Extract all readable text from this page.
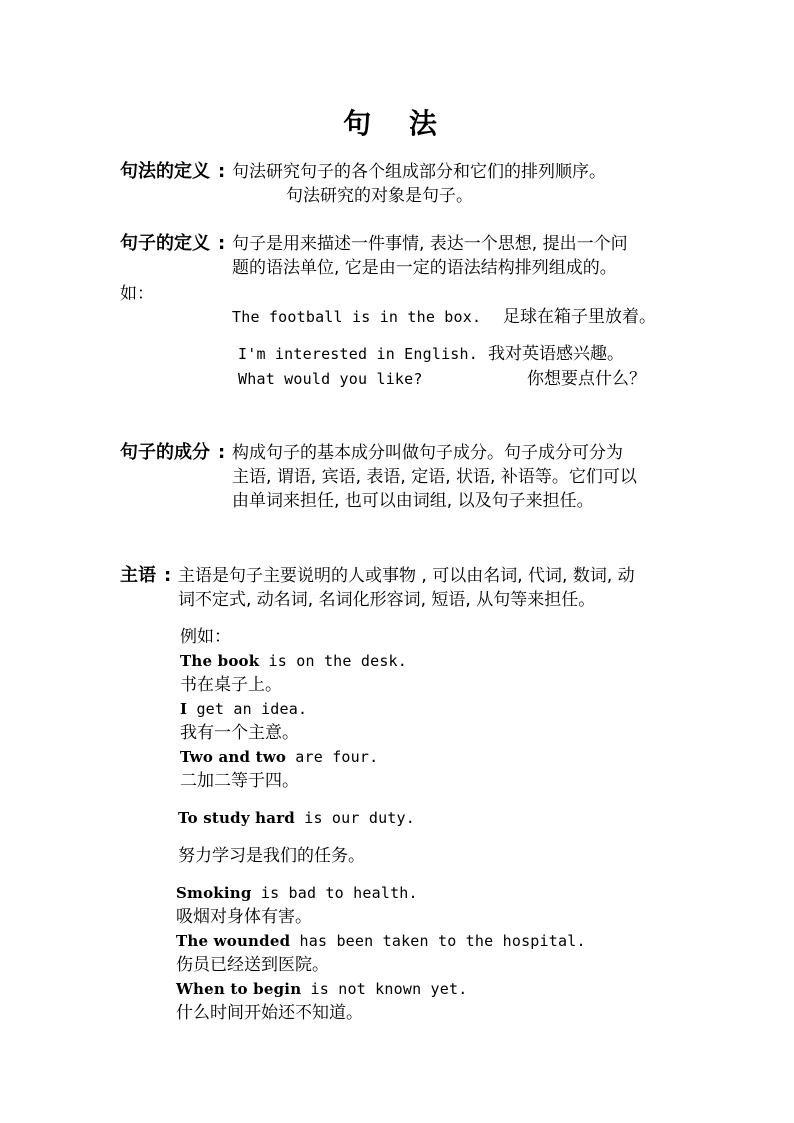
句 法
句法的定义 : 句法研究句子的各个组成部分和它们的排列顺序。
句法研究的对象是句子。
句子的定义 : 句子是用来描述一件事情, 表达一个思想, 提出一个问
题的语法单位, 它是由一定的语法结构排列组成的。
如：
The football is in the box. 足球在箱子里放着。
I'm interested in English. 我对英语感兴趣。
What would you like?	你想要点什么？
句子的成分 : 构成句子的基本成分叫做句子成分。句子成分可分为
主语, 谓语, 宾语, 表语, 定语, 状语, 补语等。它们可以
由单词来担任, 也可以由词组, 以及句子来担任。
主语 : 主语是句子主要说明的人或事物 , 可以由名词, 代词, 数词, 动
词不定式, 动名词, 名词化形容词, 短语, 从句等来担任。
例如：
The book is on the desk.
书在桌子上。
I get an idea.
我有一个主意。
Two and two are four.
二加二等于四。
To study hard is our duty.
努力学习是我们的任务。
Smoking is bad to health.
吸烟对身体有害。
The wounded has been taken to the hospital.
伤员已经送到医院。
When to begin is not known yet.
什么时间开始还不知道。
